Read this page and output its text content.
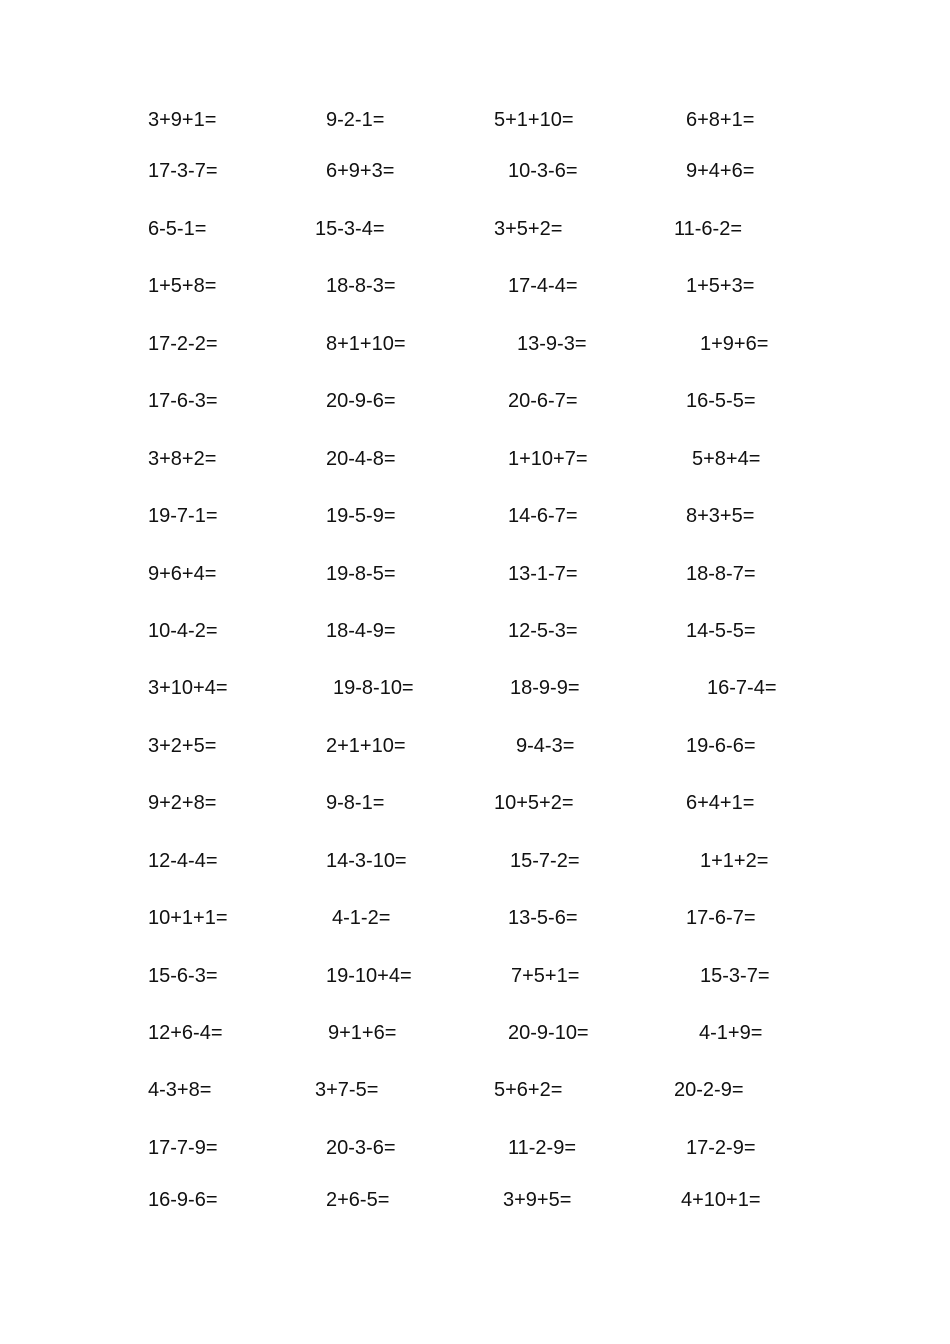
3+9+1=	9-2-1=	5+1+10=	6+8+1=
17-3-7=	6+9+3=	10-3-6=	9+4+6=
6-5-1=	15-3-4=	3+5+2=	11-6-2=
1+5+8=	18-8-3=	17-4-4=	1+5+3=
17-2-2=	8+1+10=	13-9-3=	1+9+6=
17-6-3=	20-9-6=	20-6-7=	16-5-5=
3+8+2=	20-4-8=	1+10+7=	5+8+4=
19-7-1=	19-5-9=	14-6-7=	8+3+5=
9+6+4=	19-8-5=	13-1-7=	18-8-7=
10-4-2=	18-4-9=	12-5-3=	14-5-5=
3+10+4=	19-8-10=	18-9-9=	16-7-4=
3+2+5=	2+1+10=	9-4-3=	19-6-6=
9+2+8=	9-8-1=	10+5+2=	6+4+1=
12-4-4=	14-3-10=	15-7-2=	1+1+2=
10+1+1=	4-1-2=	13-5-6=	17-6-7=
15-6-3=	19-10+4=	7+5+1=	15-3-7=
12+6-4=	9+1+6=	20-9-10=	4-1+9=
4-3+8=	3+7-5=	5+6+2=	20-2-9=
17-7-9=	20-3-6=	11-2-9=	17-2-9=
16-9-6=	2+6-5=	3+9+5=	4+10+1=
